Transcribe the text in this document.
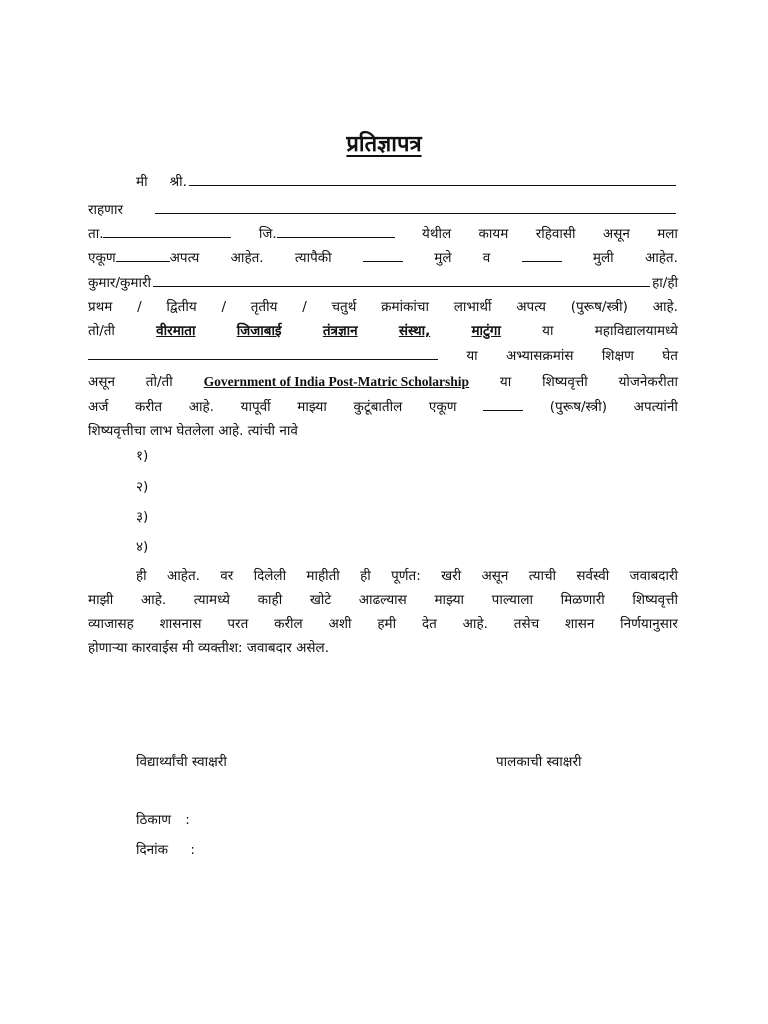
प्रतिज्ञापत्र
मी श्री.
राहणार
ता.	जि.	येथील कायम रहिवासी असून मला
एकूण	अपत्य आहेत. त्यापैकी	मुले व	मुली आहेत.
कुमार/कुमारी	हा/ही
प्रथम / द्वितीय / तृतीय / चतुर्थ क्रमांकांचा लाभार्थी अपत्य (पुरूष/स्त्री) आहे.
तो/ती	वीरमाता	जिजाबाई	तंत्रज्ञान	संस्था,	माटुंगा	या	महाविद्यालयामध्ये
या अभ्यासक्रमांस शिक्षण घेत
असून तो/ती Government of India Post-Matric Scholarship या शिष्यवृत्ती योजनेकरीता
अर्ज करीत आहे. यापूर्वी माझ्या कुटूंबातील एकूण	(पुरूष/स्त्री) अपत्यांनी
शिष्यवृत्तीचा लाभ घेतलेला आहे. त्यांची नावे
१)
२)
३)
४)
ही आहेत. वर दिलेली माहीती ही पूर्णत: खरी असून त्याची सर्वस्वी जवाबदारी
माझी आहे. त्यामध्ये काही खोटे आढल्यास माझ्या पाल्याला मिळणारी शिष्यवृत्ती
व्याजासह शासनास परत करील अशी हमी देत आहे. तसेच शासन निर्णयानुसार
होणाऱ्या कारवाईस मी व्यक्तीश: जवाबदार असेल.
विद्यार्थ्यांची स्वाक्षरी	पालकाची स्वाक्षरी
ठिकाण :
दिनांक :
